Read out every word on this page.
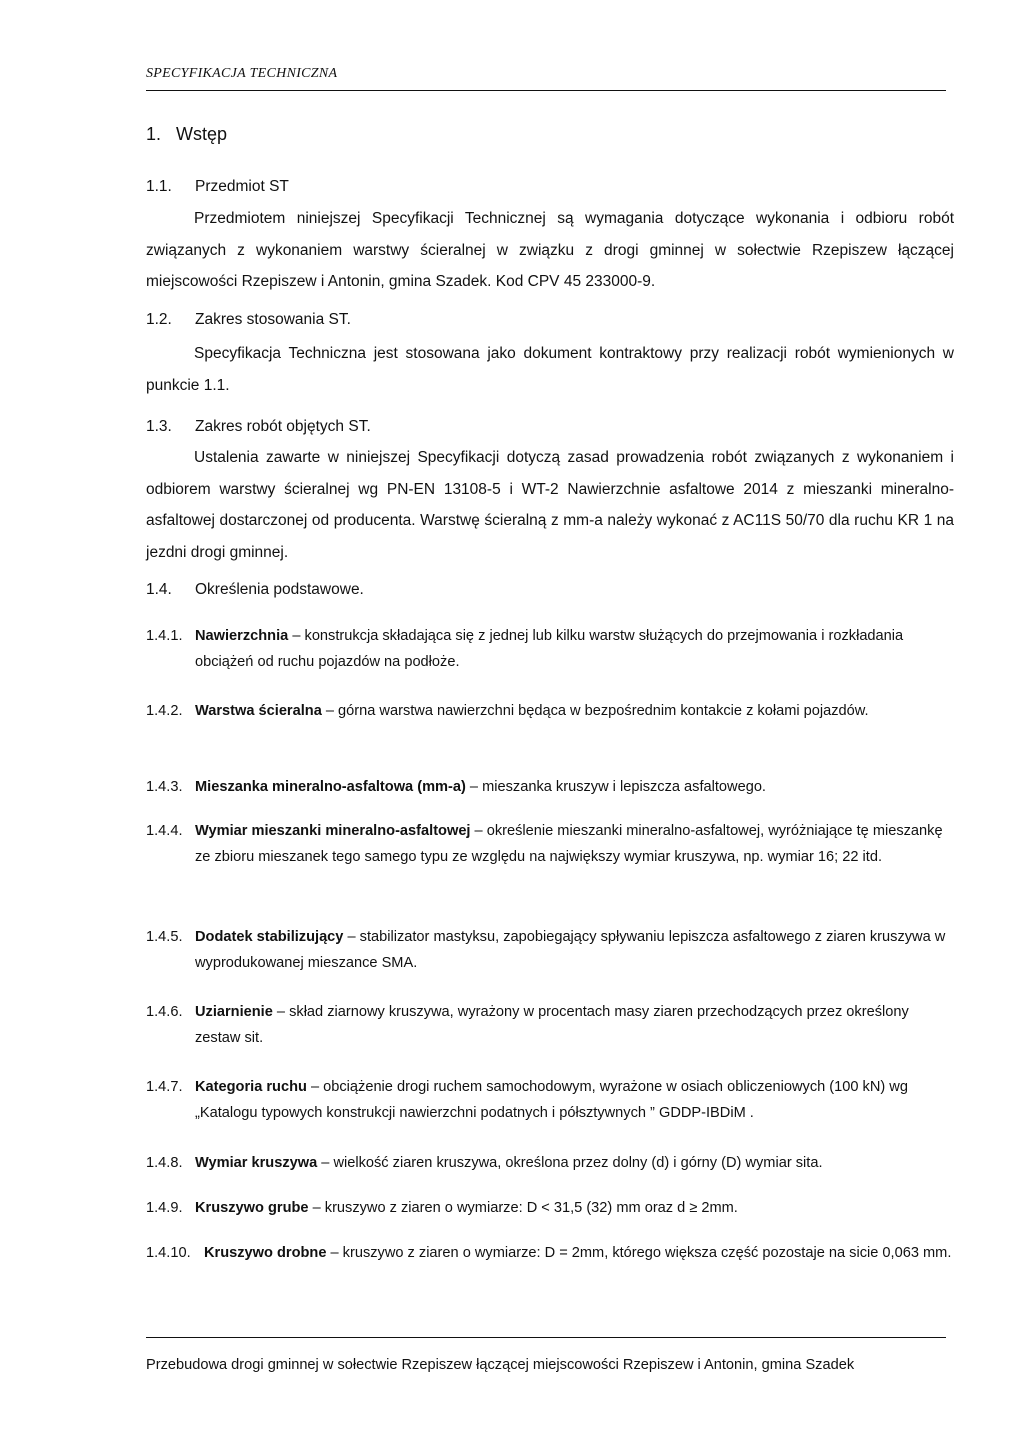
SPECYFIKACJA TECHNICZNA
1. Wstęp
1.1. Przedmiot ST
Przedmiotem niniejszej Specyfikacji Technicznej są wymagania dotyczące wykonania i odbioru robót związanych z wykonaniem warstwy ścieralnej w związku z drogi gminnej w sołectwie Rzepiszew łączącej miejscowości Rzepiszew i Antonin, gmina Szadek. Kod CPV 45 233000-9.
1.2. Zakres stosowania ST.
Specyfikacja Techniczna jest stosowana jako dokument kontraktowy przy realizacji robót wymienionych w punkcie 1.1.
1.3. Zakres robót objętych ST.
Ustalenia zawarte w niniejszej Specyfikacji dotyczą zasad prowadzenia robót związanych z wykonaniem i odbiorem warstwy ścieralnej wg PN-EN 13108-5 i WT-2 Nawierzchnie asfaltowe 2014 z mieszanki mineralno-asfaltowej dostarczonej od producenta. Warstwę ścieralną z mm-a należy wykonać z AC11S 50/70 dla ruchu KR 1 na jezdni drogi gminnej.
1.4. Określenia podstawowe.
1.4.1. Nawierzchnia – konstrukcja składająca się z jednej lub kilku warstw służących do przejmowania i rozkładania obciążeń od ruchu pojazdów na podłoże.
1.4.2. Warstwa ścieralna – górna warstwa nawierzchni będąca w bezpośrednim kontakcie z kołami pojazdów.
1.4.3. Mieszanka mineralno-asfaltowa (mm-a) – mieszanka kruszyw i lepiszcza asfaltowego.
1.4.4. Wymiar mieszanki mineralno-asfaltowej – określenie mieszanki mineralno-asfaltowej, wyróżniające tę mieszankę ze zbioru mieszanek tego samego typu ze względu na największy wymiar kruszywa, np. wymiar 16; 22 itd.
1.4.5. Dodatek stabilizujący – stabilizator mastyksu, zapobiegający spływaniu lepiszcza asfaltowego z ziaren kruszywa w wyprodukowanej mieszance SMA.
1.4.6. Uziarnienie – skład ziarnowy kruszywa, wyrażony w procentach masy ziaren przechodzących przez określony zestaw sit.
1.4.7. Kategoria ruchu – obciążenie drogi ruchem samochodowym, wyrażone w osiach obliczeniowych (100 kN) wg „Katalogu typowych konstrukcji nawierzchni podatnych i półsztywnych ” GDDP-IBDiM .
1.4.8. Wymiar kruszywa – wielkość ziaren kruszywa, określona przez dolny (d) i górny (D) wymiar sita.
1.4.9. Kruszywo grube – kruszywo z ziaren o wymiarze: D < 31,5 (32) mm oraz d ≥ 2mm.
1.4.10. Kruszywo drobne – kruszywo z ziaren o wymiarze: D = 2mm, którego większa część pozostaje na sicie 0,063 mm.
Przebudowa drogi gminnej w sołectwie Rzepiszew łączącej miejscowości Rzepiszew i Antonin, gmina Szadek
